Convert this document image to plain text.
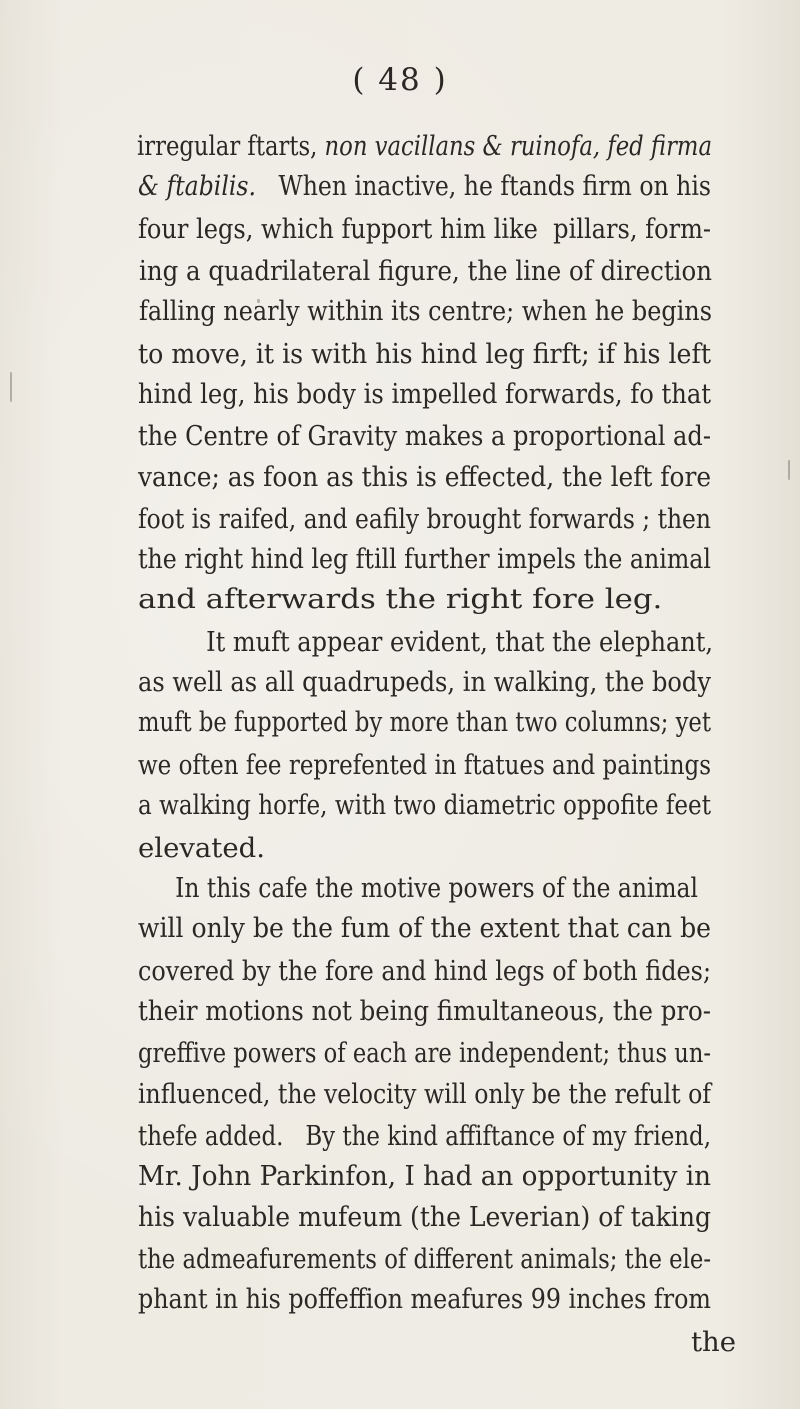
( 48 )
irregular ftarts, non vacillans & ruinofa, fed firma
& ftabilis.   When inactive, he ftands firm on his
four legs, which fupport him like  pillars, form-
ing a quadrilateral figure, the line of direction
falling nearly within its centre; when he begins
to move, it is with his hind leg firft; if his left
hind leg, his body is impelled forwards, fo that
the Centre of Gravity makes a proportional ad-
vance; as foon as this is effected, the left fore
foot is raifed, and eafily brought forwards ; then
the right hind leg ftill further impels the animal
and afterwards the right fore leg.
It muft appear evident, that the elephant,
as well as all quadrupeds, in walking, the body
muft be fupported by more than two columns; yet
we often fee reprefented in ftatues and paintings
a walking horfe, with two diametric oppofite feet
elevated.
In this cafe the motive powers of the animal
will only be the fum of the extent that can be
covered by the fore and hind legs of both fides;
their motions not being fimultaneous, the pro-
greffive powers of each are independent; thus un-
influenced, the velocity will only be the refult of
thefe added.   By the kind affiftance of my friend,
Mr. John Parkinfon, I had an opportunity in
his valuable mufeum (the Leverian) of taking
the admeafurements of different animals; the ele-
phant in his poffeffion meafures 99 inches from
the
